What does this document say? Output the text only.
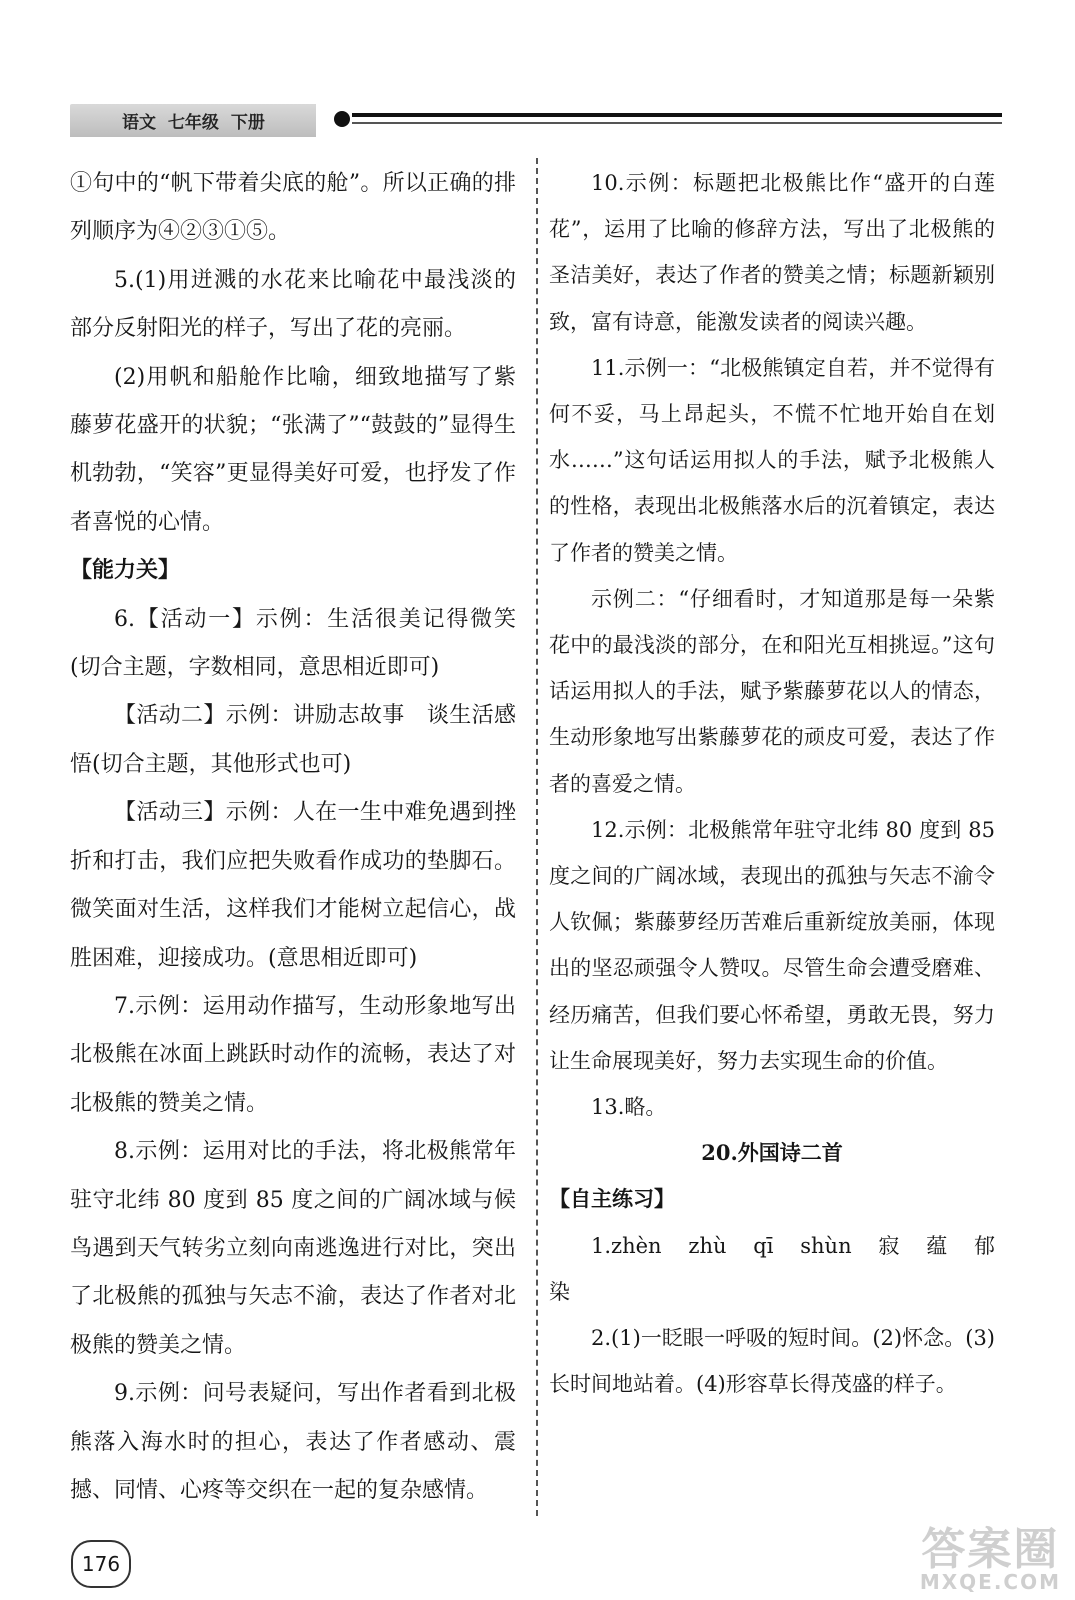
语文 七年级 下册

①句中的“帆下带着尖底的舱”。所以正确的排列顺序为④②③①⑤。

5.(1)用迸溅的水花来比喻花中最浅淡的部分反射阳光的样子，写出了花的亮丽。

(2)用帆和船舱作比喻，细致地描写了紫藤萝花盛开的状貌；“张满了”“鼓鼓的”显得生机勃勃，“笑容”更显得美好可爱，也抒发了作者喜悦的心情。

【能力关】

6.【活动一】示例：生活很美记得微笑(切合主题，字数相同，意思相近即可)

【活动二】示例：讲励志故事　谈生活感悟(切合主题，其他形式也可)

【活动三】示例：人在一生中难免遇到挫折和打击，我们应把失败看作成功的垫脚石。微笑面对生活，这样我们才能树立起信心，战胜困难，迎接成功。(意思相近即可)

7.示例：运用动作描写，生动形象地写出北极熊在冰面上跳跃时动作的流畅，表达了对北极熊的赞美之情。

8.示例：运用对比的手法，将北极熊常年驻守北纬 80 度到 85 度之间的广阔冰域与候鸟遇到天气转劣立刻向南逃逸进行对比，突出了北极熊的孤独与矢志不渝，表达了作者对北极熊的赞美之情。

9.示例：问号表疑问，写出作者看到北极熊落入海水时的担心，表达了作者感动、震撼、同情、心疼等交织在一起的复杂感情。

10.示例：标题把北极熊比作“盛开的白莲花”，运用了比喻的修辞方法，写出了北极熊的圣洁美好，表达了作者的赞美之情；标题新颖别致，富有诗意，能激发读者的阅读兴趣。

11.示例一：“北极熊镇定自若，并不觉得有何不妥，马上昂起头，不慌不忙地开始自在划水……”这句话运用拟人的手法，赋予北极熊人的性格，表现出北极熊落水后的沉着镇定，表达了作者的赞美之情。

示例二：“仔细看时，才知道那是每一朵紫花中的最浅淡的部分，在和阳光互相挑逗。”这句话运用拟人的手法，赋予紫藤萝花以人的情态，生动形象地写出紫藤萝花的顽皮可爱，表达了作者的喜爱之情。

12.示例：北极熊常年驻守北纬 80 度到 85 度之间的广阔冰域，表现出的孤独与矢志不渝令人钦佩；紫藤萝经历苦难后重新绽放美丽，体现出的坚忍顽强令人赞叹。尽管生命会遭受磨难、经历痛苦，但我们要心怀希望，勇敢无畏，努力让生命展现美好，努力去实现生命的价值。

13.略。

20.外国诗二首

【自主练习】

1.zhèn　zhù　qī　shùn　寂　蕴　郁　染

2.(1)一眨眼一呼吸的短时间。(2)怀念。(3)长时间地站着。(4)形容草长得茂盛的样子。

176	答案圈
MXQE.COM
